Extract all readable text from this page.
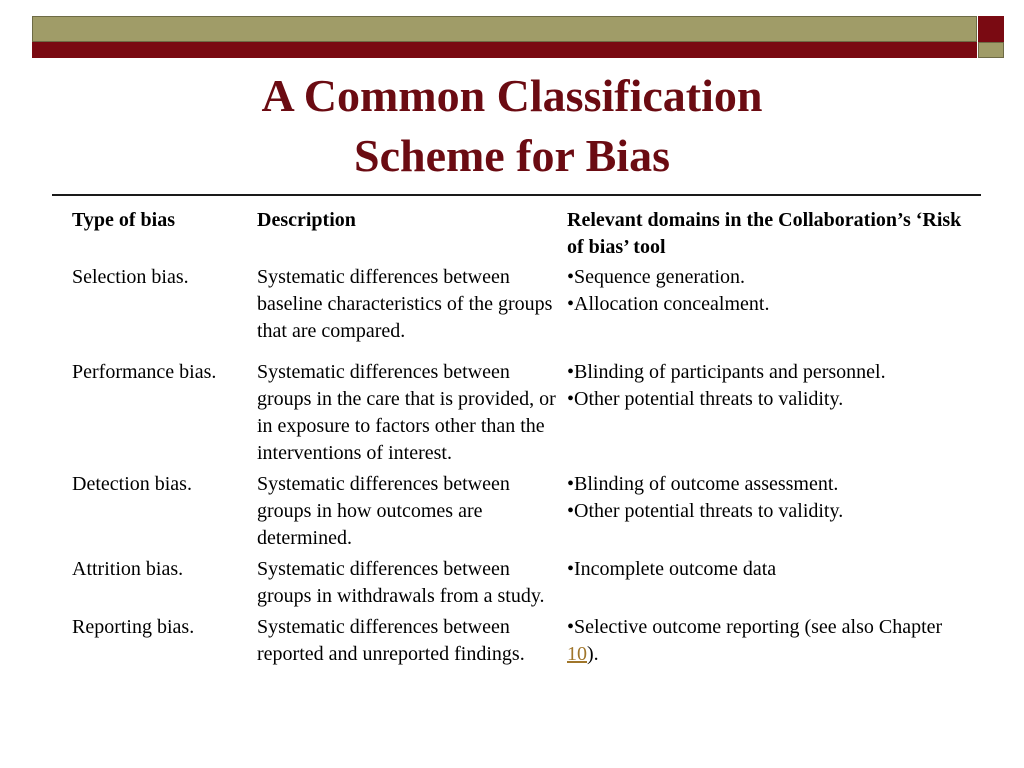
A Common Classification
Scheme for Bias
Type of bias	Description	Relevant domains in the Collaboration’s ‘Risk of bias’ tool
Selection bias.	Systematic differences between baseline characteristics of the groups that are compared.	•Sequence generation.
•Allocation concealment.

Performance bias.	Systematic differences between groups in the care that is provided, or in exposure to factors other than the interventions of interest.	•Blinding of participants and personnel.
•Other potential threats to validity.

Detection bias.	Systematic differences between groups in how outcomes are determined.	•Blinding of outcome assessment.
•Other potential threats to validity.

Attrition bias.	Systematic differences between groups in withdrawals from a study.	•Incomplete outcome data

Reporting bias.	Systematic differences between reported and unreported findings.	•Selective outcome reporting (see also Chapter 10).
